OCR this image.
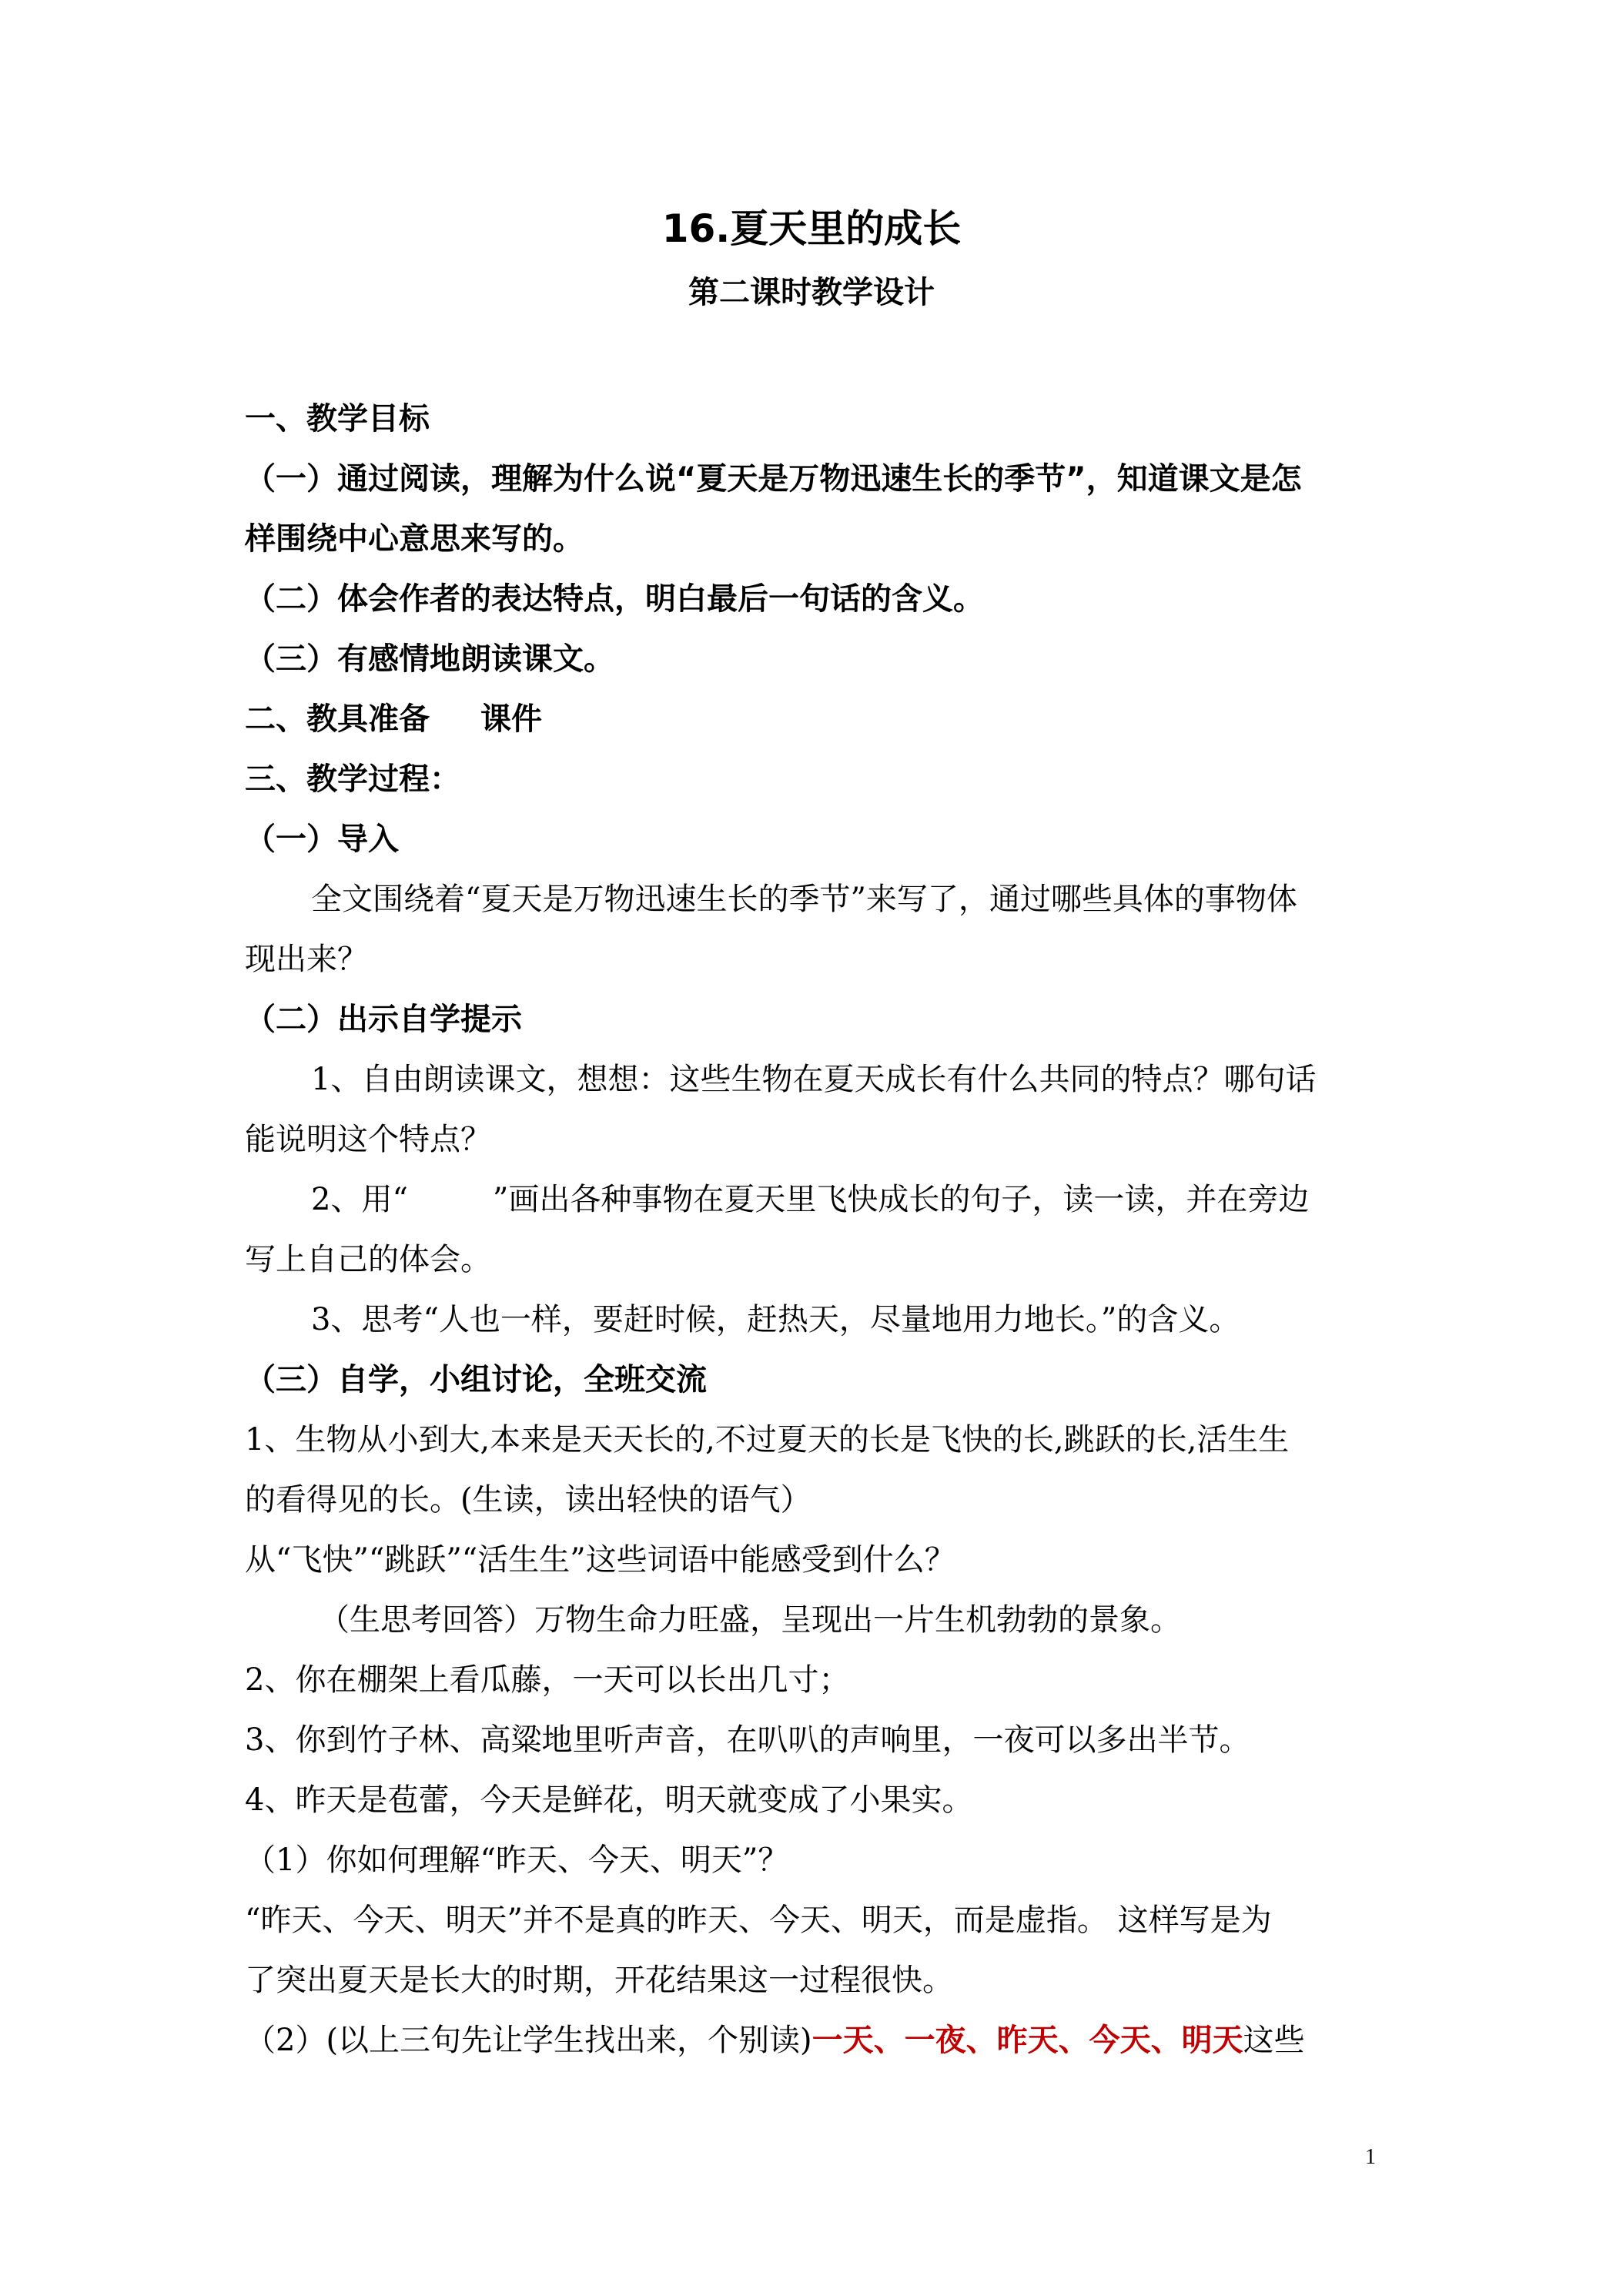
16.夏天里的成长
第二课时教学设计
一、教学目标
（一）通过阅读，理解为什么说“夏天是万物迅速生长的季节”，知道课文是怎
样围绕中心意思来写的。
（二）体会作者的表达特点，明白最后一句话的含义。
（三）有感情地朗读课文。
二、教具准备 课件
三、教学过程：
（一）导入
全文围绕着“夏天是万物迅速生长的季节”来写了，通过哪些具体的事物体
现出来？
（二）出示自学提示
1、自由朗读课文，想想：这些生物在夏天成长有什么共同的特点？哪句话
能说明这个特点？
2、用“	”画出各种事物在夏天里飞快成长的句子，读一读，并在旁边
写上自己的体会。
3、思考“人也一样，要赶时候，赶热天，尽量地用力地长。”的含义。
（三）自学，小组讨论，全班交流
1、生物从小到大,本来是天天长的,不过夏天的长是飞快的长,跳跃的长,活生生
的看得见的长。(生读，读出轻快的语气）
从“飞快”“跳跃”“活生生”这些词语中能感受到什么？
（生思考回答）万物生命力旺盛，呈现出一片生机勃勃的景象。
2、你在棚架上看瓜藤，一天可以长出几寸；
3、你到竹子林、高粱地里听声音，在叭叭的声响里，一夜可以多出半节。
4、昨天是苞蕾，今天是鲜花，明天就变成了小果实。
（1）你如何理解“昨天、今天、明天”？
“昨天、今天、明天”并不是真的昨天、今天、明天，而是虚指。 这样写是为
了突出夏天是长大的时期，开花结果这一过程很快。
（2）(以上三句先让学生找出来，个别读)一天、一夜、昨天、今天、明天这些
1
